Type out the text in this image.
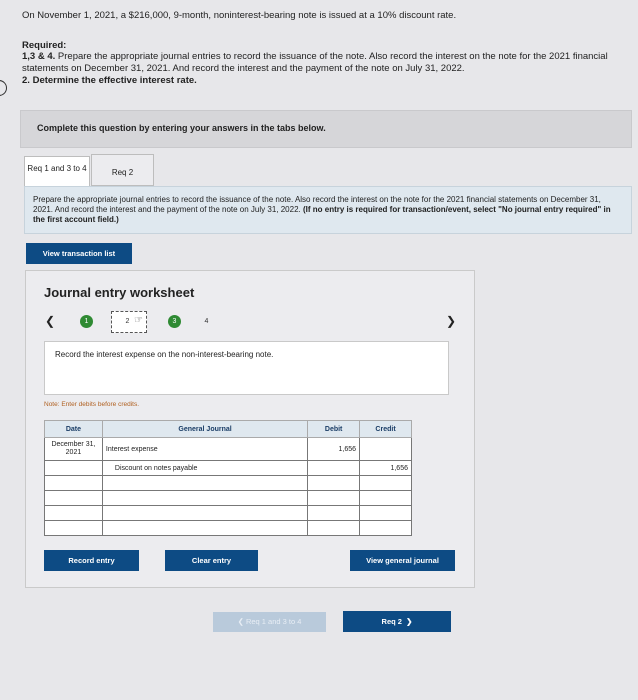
On November 1, 2021, a $216,000, 9-month, noninterest-bearing note is issued at a 10% discount rate.
Required:
1,3 & 4. Prepare the appropriate journal entries to record the issuance of the note. Also record the interest on the note for the 2021 financial statements on December 31, 2021. And record the interest and the payment of the note on July 31, 2022.
2. Determine the effective interest rate.
Complete this question by entering your answers in the tabs below.
Req 1 and 3 to 4	Req 2
Prepare the appropriate journal entries to record the issuance of the note. Also record the interest on the note for the 2021 financial statements on December 31, 2021. And record the interest and the payment of the note on July 31, 2022. (If no entry is required for transaction/event, select "No journal entry required" in the first account field.)
View transaction list
Journal entry worksheet
❮	1	2 ☞	3	4	❯
Record the interest expense on the non-interest-bearing note.
Note: Enter debits before credits.
Date	General Journal	Debit	Credit
December 31, 2021	Interest expense	1,656	
	Discount on notes payable		1,656

Record entry	Clear entry	View general journal
❮ Req 1 and 3 to 4	Req 2  ❯
